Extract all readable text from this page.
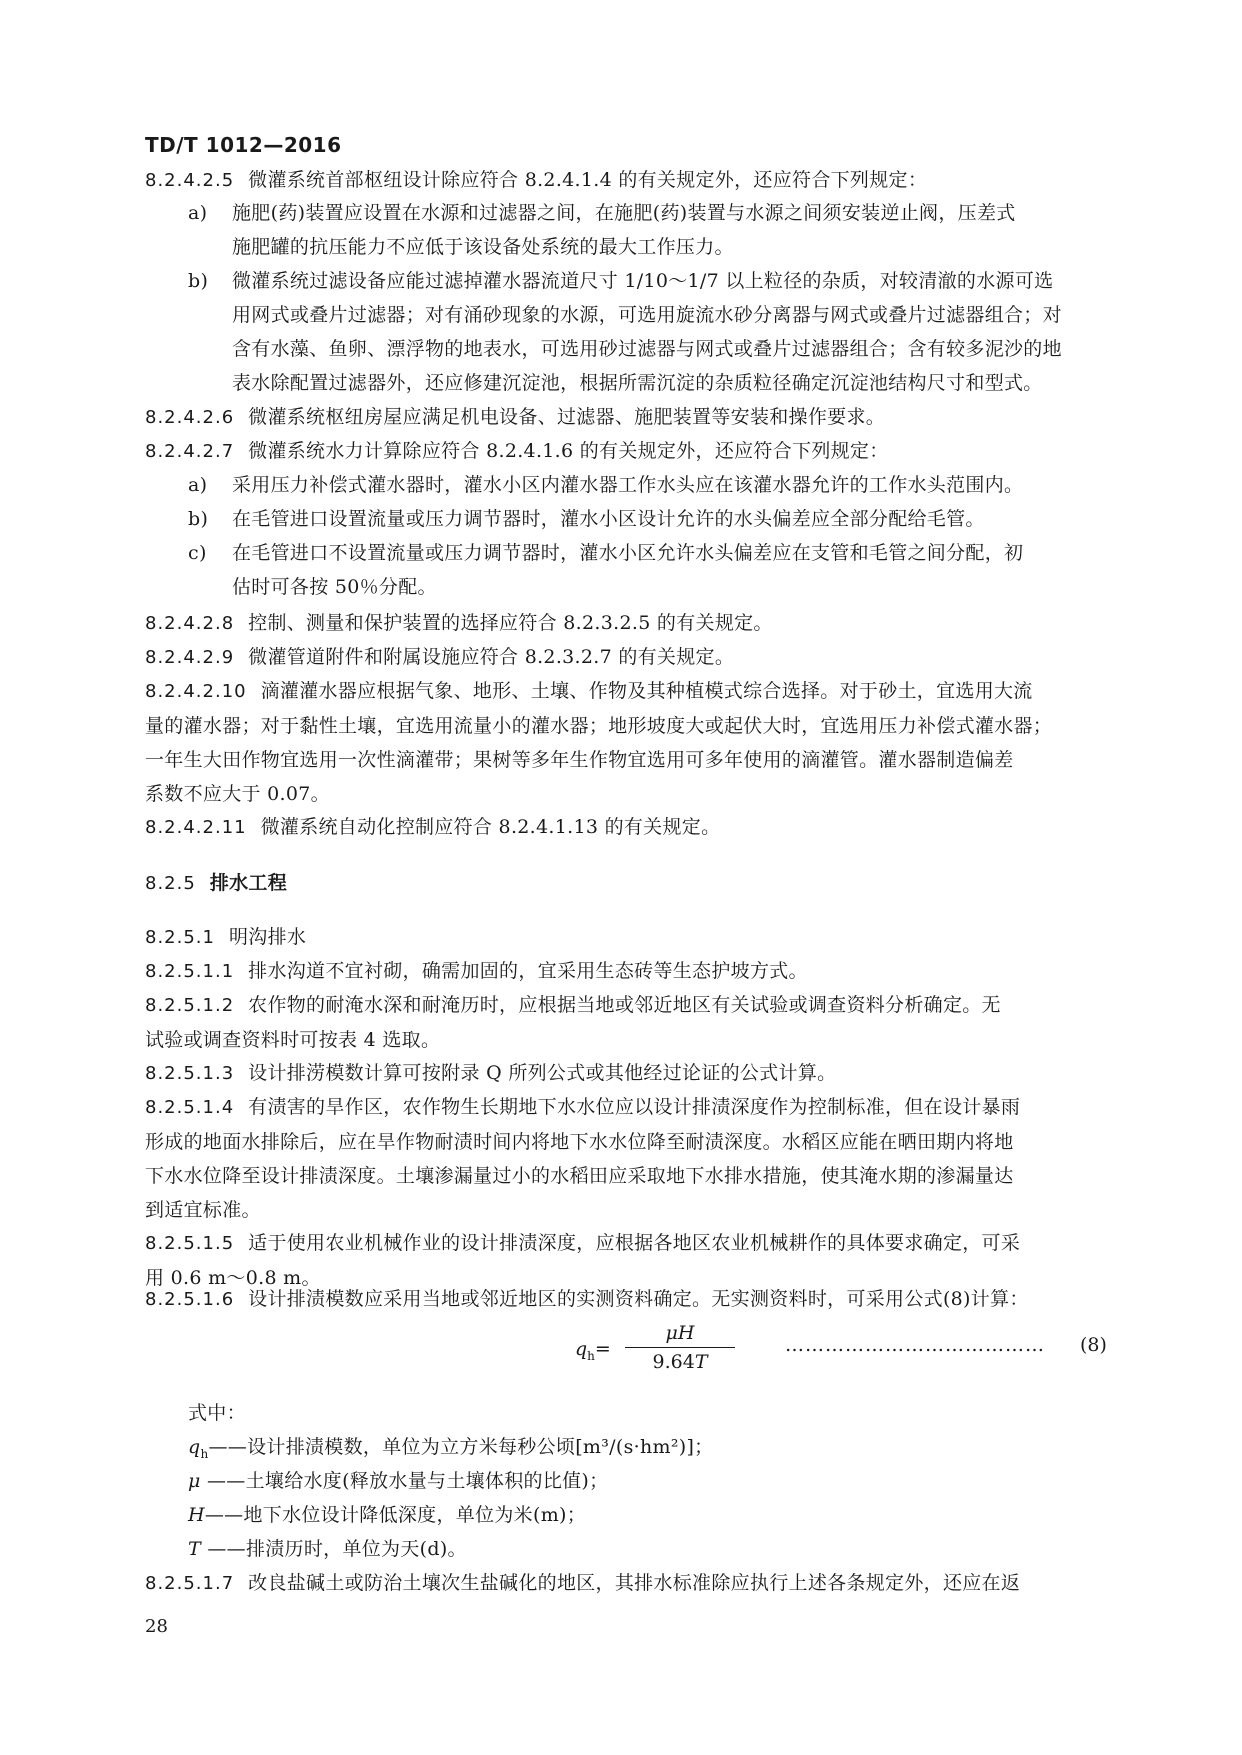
TD/T 1012—2016
8.2.4.2.5 微灌系统首部枢纽设计除应符合 8.2.4.1.4 的有关规定外，还应符合下列规定：
a)	施肥(药)装置应设置在水源和过滤器之间，在施肥(药)装置与水源之间须安装逆止阀，压差式
施肥罐的抗压能力不应低于该设备处系统的最大工作压力。
b)	微灌系统过滤设备应能过滤掉灌水器流道尺寸 1/10～1/7 以上粒径的杂质，对较清澈的水源可选
用网式或叠片过滤器；对有涌砂现象的水源，可选用旋流水砂分离器与网式或叠片过滤器组合；对
含有水藻、鱼卵、漂浮物的地表水，可选用砂过滤器与网式或叠片过滤器组合；含有较多泥沙的地
表水除配置过滤器外，还应修建沉淀池，根据所需沉淀的杂质粒径确定沉淀池结构尺寸和型式。
8.2.4.2.6 微灌系统枢纽房屋应满足机电设备、过滤器、施肥装置等安装和操作要求。
8.2.4.2.7 微灌系统水力计算除应符合 8.2.4.1.6 的有关规定外，还应符合下列规定：
a)	采用压力补偿式灌水器时，灌水小区内灌水器工作水头应在该灌水器允许的工作水头范围内。
b)	在毛管进口设置流量或压力调节器时，灌水小区设计允许的水头偏差应全部分配给毛管。
c)	在毛管进口不设置流量或压力调节器时，灌水小区允许水头偏差应在支管和毛管之间分配，初
估时可各按 50％分配。
8.2.4.2.8 控制、测量和保护装置的选择应符合 8.2.3.2.5 的有关规定。
8.2.4.2.9 微灌管道附件和附属设施应符合 8.2.3.2.7 的有关规定。
8.2.4.2.10 滴灌灌水器应根据气象、地形、土壤、作物及其种植模式综合选择。对于砂土，宜选用大流
量的灌水器；对于黏性土壤，宜选用流量小的灌水器；地形坡度大或起伏大时，宜选用压力补偿式灌水器；
一年生大田作物宜选用一次性滴灌带；果树等多年生作物宜选用可多年使用的滴灌管。灌水器制造偏差
系数不应大于 0.07。
8.2.4.2.11 微灌系统自动化控制应符合 8.2.4.1.13 的有关规定。
8.2.5 排水工程
8.2.5.1 明沟排水
8.2.5.1.1 排水沟道不宜衬砌，确需加固的，宜采用生态砖等生态护坡方式。
8.2.5.1.2 农作物的耐淹水深和耐淹历时，应根据当地或邻近地区有关试验或调查资料分析确定。无
试验或调查资料时可按表 4 选取。
8.2.5.1.3 设计排涝模数计算可按附录 Q 所列公式或其他经过论证的公式计算。
8.2.5.1.4 有渍害的旱作区，农作物生长期地下水水位应以设计排渍深度作为控制标准，但在设计暴雨
形成的地面水排除后，应在旱作物耐渍时间内将地下水水位降至耐渍深度。水稻区应能在晒田期内将地
下水水位降至设计排渍深度。土壤渗漏量过小的水稻田应采取地下水排水措施，使其淹水期的渗漏量达
到适宜标准。
8.2.5.1.5 适于使用农业机械作业的设计排渍深度，应根据各地区农业机械耕作的具体要求确定，可采
用 0.6 m～0.8 m。
8.2.5.1.6 设计排渍模数应采用当地或邻近地区的实测资料确定。无实测资料时，可采用公式(8)计算：
$q_h=$
μH
9.64T
………………………………… (8)
式中：
$q_h——$设计排渍模数，单位为立方米每秒公顷[m³/(s·hm²)]；
μ ——土壤给水度(释放水量与土壤体积的比值)；
H——地下水位设计降低深度，单位为米(m)；
T ——排渍历时，单位为天(d)。
8.2.5.1.7 改良盐碱土或防治土壤次生盐碱化的地区，其排水标准除应执行上述各条规定外，还应在返
28
